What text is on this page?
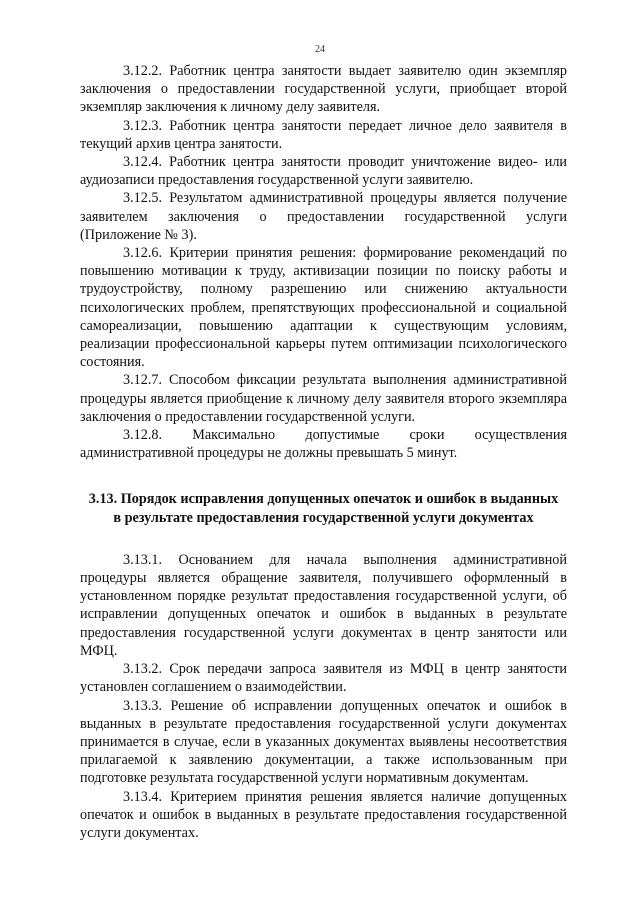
24

3.12.2. Работник центра занятости выдает заявителю один экземпляр заключения о предоставлении государственной услуги, приобщает второй экземпляр заключения к личному делу заявителя.

3.12.3. Работник центра занятости передает личное дело заявителя в текущий архив центра занятости.

3.12.4. Работник центра занятости проводит уничтожение видео- или аудиозаписи предоставления государственной услуги заявителю.

3.12.5. Результатом административной процедуры является получение заявителем заключения о предоставлении государственной услуги (Приложение № 3).

3.12.6. Критерии принятия решения: формирование рекомендаций по повышению мотивации к труду, активизации позиции по поиску работы и трудоустройству, полному разрешению или снижению актуальности психологических проблем, препятствующих профессиональной и социальной самореализации, повышению адаптации к существующим условиям, реализации профессиональной карьеры путем оптимизации психологического состояния.

3.12.7. Способом фиксации результата выполнения административной процедуры является приобщение к личному делу заявителя второго экземпляра заключения о предоставлении государственной услуги.

3.12.8. Максимально допустимые сроки осуществления административной процедуры не должны превышать 5 минут.

3.13. Порядок исправления допущенных опечаток и ошибок в выданных в результате предоставления государственной услуги документах

3.13.1. Основанием для начала выполнения административной процедуры является обращение заявителя, получившего оформленный в установленном порядке результат предоставления государственной услуги, об исправлении допущенных опечаток и ошибок в выданных в результате предоставления государственной услуги документах в центр занятости или МФЦ.

3.13.2. Срок передачи запроса заявителя из МФЦ в центр занятости установлен соглашением о взаимодействии.

3.13.3. Решение об исправлении допущенных опечаток и ошибок в выданных в результате предоставления государственной услуги документах принимается в случае, если в указанных документах выявлены несоответствия прилагаемой к заявлению документации, а также использованным при подготовке результата государственной услуги нормативным документам.

3.13.4. Критерием принятия решения является наличие допущенных опечаток и ошибок в выданных в результате предоставления государственной услуги документах.
